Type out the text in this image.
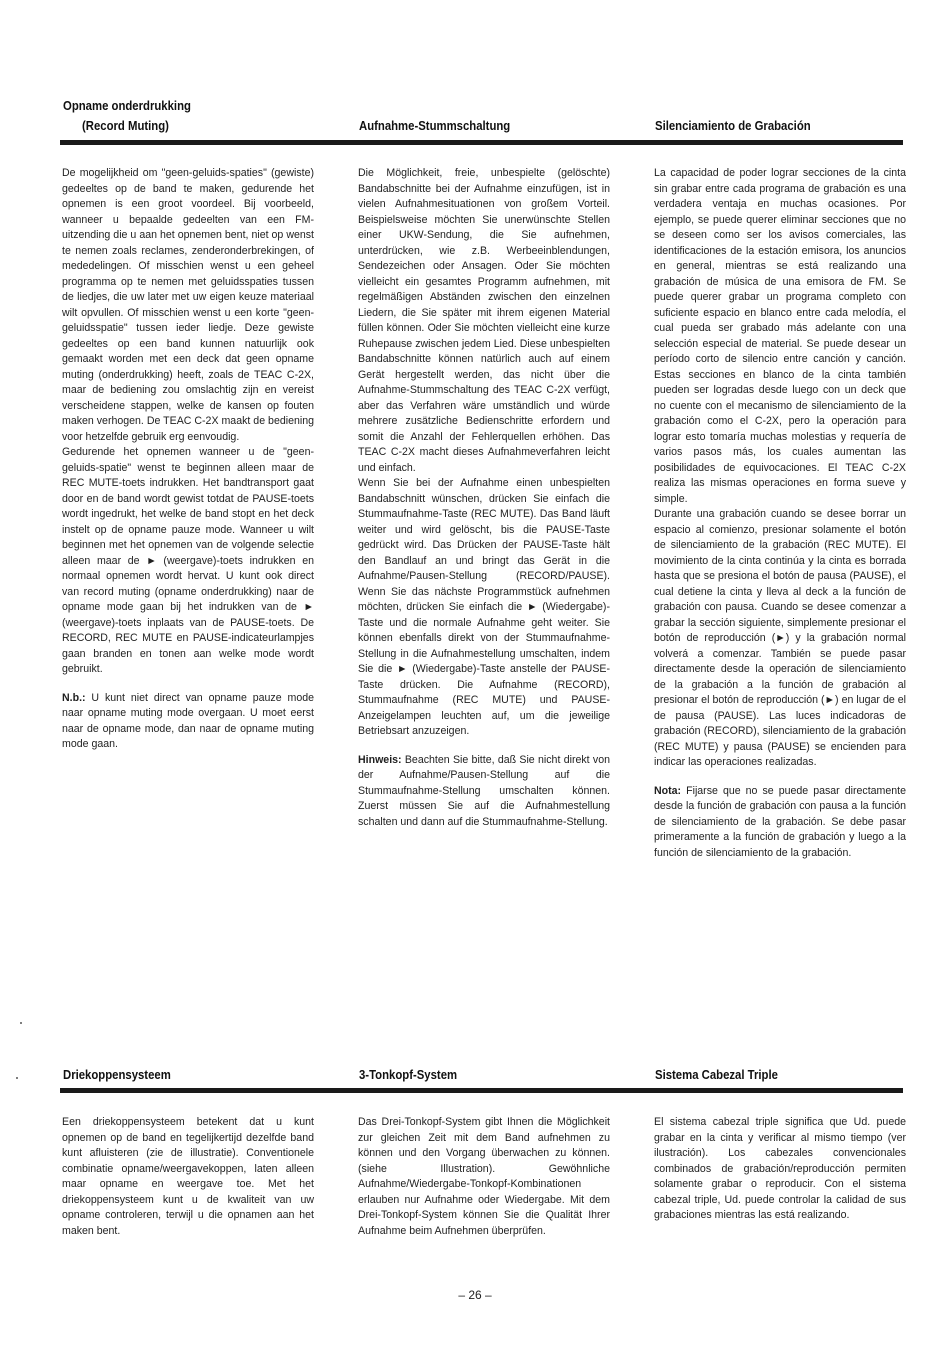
Opname onderdrukking
(Record Muting)	Aufnahme-Stummschaltung	Silenciamiento de Grabación

De mogelijkheid om "geen-geluids-spaties" (gewiste) gedeeltes op de band te maken, gedurende het opnemen is een groot voordeel. Bij voorbeeld, wanneer u bepaalde gedeelten van een FM-uitzending die u aan het opnemen bent, niet op wenst te nemen zoals reclames, zenderonderbrekingen, of mededelingen. Of misschien wenst u een geheel programma op te nemen met geluidsspaties tussen de liedjes, die uw later met uw eigen keuze materiaal wilt opvullen. Of misschien wenst u een korte "geen-geluidsspatie" tussen ieder liedje. Deze gewiste gedeeltes op een band kunnen natuurlijk ook gemaakt worden met een deck dat geen opname muting (onderdrukking) heeft, zoals de TEAC C-2X, maar de bediening zou omslachtig zijn en vereist verscheidene stappen, welke de kansen op fouten maken verhogen. De TEAC C-2X maakt de bediening voor hetzelfde gebruik erg eenvoudig.

Gedurende het opnemen wanneer u de "geen-geluids-spatie" wenst te beginnen alleen maar de REC MUTE-toets indrukken. Het bandtransport gaat door en de band wordt gewist totdat de PAUSE-toets wordt ingedrukt, het welke de band stopt en het deck instelt op de opname pauze mode. Wanneer u wilt beginnen met het opnemen van de volgende selectie alleen maar de ► (weergave)-toets indrukken en normaal opnemen wordt hervat. U kunt ook direct van record muting (opname onderdrukking) naar de opname mode gaan bij het indrukken van de ► (weergave)-toets inplaats van de PAUSE-toets. De RECORD, REC MUTE en PAUSE-indicateurlampjes gaan branden en tonen aan welke mode wordt gebruikt.

N.b.: U kunt niet direct van opname pauze mode naar opname muting mode overgaan. U moet eerst naar de opname mode, dan naar de opname muting mode gaan.

Die Möglichkeit, freie, unbespielte (gelöschte) Bandabschnitte bei der Aufnahme einzufügen, ist in vielen Aufnahmesituationen von großem Vorteil. Beispielsweise möchten Sie unerwünschte Stellen einer UKW-Sendung, die Sie aufnehmen, unterdrücken, wie z.B. Werbeeinblendungen, Sendezeichen oder Ansagen. Oder Sie möchten vielleicht ein gesamtes Programm aufnehmen, mit regelmäßigen Abständen zwischen den einzelnen Liedern, die Sie später mit ihrem eigenen Material füllen können. Oder Sie möchten vielleicht eine kurze Ruhepause zwischen jedem Lied. Diese unbespielten Bandabschnitte können natürlich auch auf einem Gerät hergestellt werden, das nicht über die Aufnahme-Stummschaltung des TEAC C-2X verfügt, aber das Verfahren wäre umständlich und würde mehrere zusätzliche Bedienschritte erfordern und somit die Anzahl der Fehlerquellen erhöhen. Das TEAC C-2X macht dieses Aufnahmeverfahren leicht und einfach.

Wenn Sie bei der Aufnahme einen unbespielten Bandabschnitt wünschen, drücken Sie einfach die Stummaufnahme-Taste (REC MUTE). Das Band läuft weiter und wird gelöscht, bis die PAUSE-Taste gedrückt wird. Das Drücken der PAUSE-Taste hält den Bandlauf an und bringt das Gerät in die Aufnahme/Pausen-Stellung (RECORD/PAUSE). Wenn Sie das nächste Programmstück aufnehmen möchten, drücken Sie einfach die ► (Wiedergabe)-Taste und die normale Aufnahme geht weiter. Sie können ebenfalls direkt von der Stummaufnahme-Stellung in die Aufnahmestellung umschalten, indem Sie die ► (Wiedergabe)-Taste anstelle der PAUSE-Taste drücken. Die Aufnahme (RECORD), Stummaufnahme (REC MUTE) und PAUSE-Anzeigelampen leuchten auf, um die jeweilige Betriebsart anzuzeigen.

Hinweis: Beachten Sie bitte, daß Sie nicht direkt von der Aufnahme/Pausen-Stellung auf die Stummaufnahme-Stellung umschalten können. Zuerst müssen Sie auf die Aufnahmestellung schalten und dann auf die Stummaufnahme-Stellung.

La capacidad de poder lograr secciones de la cinta sin grabar entre cada programa de grabación es una verdadera ventaja en muchas ocasiones. Por ejemplo, se puede querer eliminar secciones que no se deseen como ser los avisos comerciales, las identificaciones de la estación emisora, los anuncios en general, mientras se está realizando una grabación de música de una emisora de FM. Se puede querer grabar un programa completo con suficiente espacio en blanco entre cada melodía, el cual pueda ser grabado más adelante con una selección especial de material. Se puede desear un período corto de silencio entre canción y canción. Estas secciones en blanco de la cinta también pueden ser logradas desde luego con un deck que no cuente con el mecanismo de silenciamiento de la grabación como el C-2X, pero la operación para lograr esto tomaría muchas molestias y requería de varios pasos más, los cuales aumentan las posibilidades de equivocaciones. El TEAC C-2X realiza las mismas operaciones en forma sueve y simple.

Durante una grabación cuando se desee borrar un espacio al comienzo, presionar solamente el botón de silenciamiento de la grabación (REC MUTE). El movimiento de la cinta continúa y la cinta es borrada hasta que se presiona el botón de pausa (PAUSE), el cual detiene la cinta y lleva al deck a la función de grabación con pausa. Cuando se desee comenzar a grabar la sección siguiente, simplemente presionar el botón de reproducción (►) y la grabación normal volverá a comenzar. También se puede pasar directamente desde la operación de silenciamiento de la grabación a la función de grabación al presionar el botón de reproducción (►) en lugar de el de pausa (PAUSE). Las luces indicadoras de grabación (RECORD), silenciamiento de la grabación (REC MUTE) y pausa (PAUSE) se encienden para indicar las operaciones realizadas.

Nota: Fijarse que no se puede pasar directamente desde la función de grabación con pausa a la función de silenciamiento de la grabación. Se debe pasar primeramente a la función de grabación y luego a la función de silenciamiento de la grabación.

Driekoppensysteem	3-Tonkopf-System	Sistema Cabezal Triple

Een driekoppensysteem betekent dat u kunt opnemen op de band en tegelijkertijd dezelfde band kunt afluisteren (zie de illustratie). Conventionele combinatie opname/weergavekoppen, laten alleen maar opname en weergave toe. Met het driekoppensysteem kunt u de kwaliteit van uw opname controleren, terwijl u die opnamen aan het maken bent.

Das Drei-Tonkopf-System gibt Ihnen die Möglichkeit zur gleichen Zeit mit dem Band aufnehmen zu können und den Vorgang überwachen zu können. (siehe Illustration). Gewöhnliche Aufnahme/Wiedergabe-Tonkopf-Kombinationen erlauben nur Aufnahme oder Wiedergabe. Mit dem Drei-Tonkopf-System können Sie die Qualität Ihrer Aufnahme beim Aufnehmen überprüfen.

El sistema cabezal triple significa que Ud. puede grabar en la cinta y verificar al mismo tiempo (ver ilustración). Los cabezales convencionales combinados de grabación/reproducción permiten solamente grabar o reproducir. Con el sistema cabezal triple, Ud. puede controlar la calidad de sus grabaciones mientras las está realizando.

– 26 –
